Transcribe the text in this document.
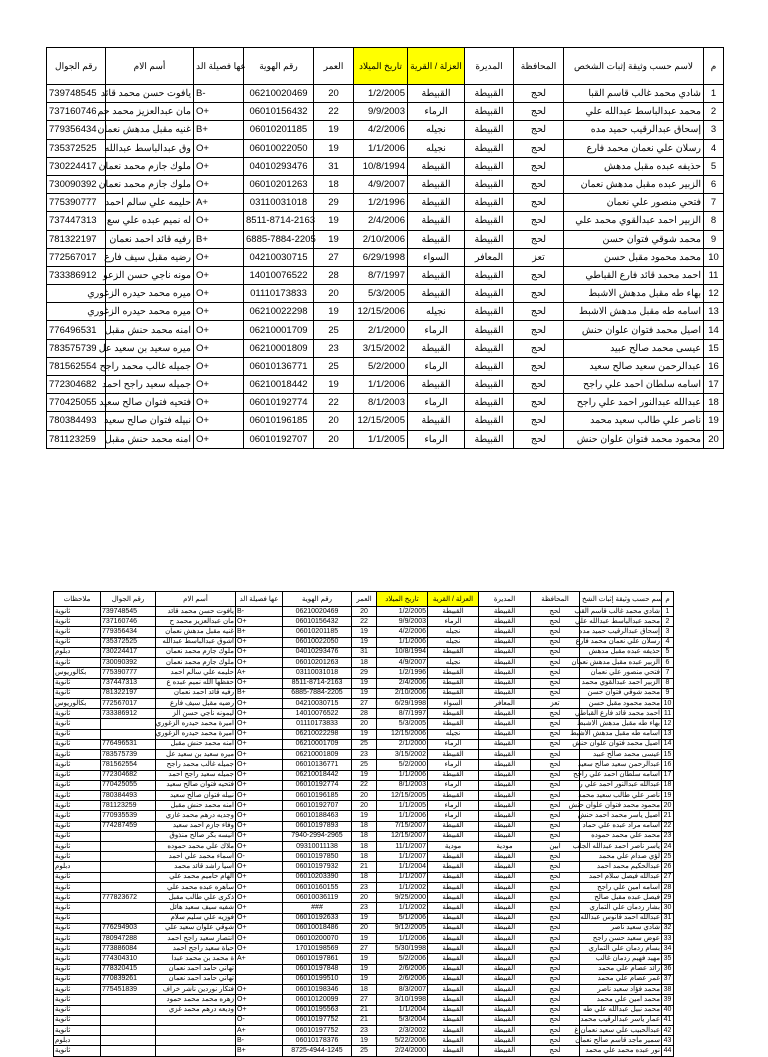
رقم الجوال	أسم الام	عها فصيلة الد	رقم الهوية	العمر	تاريخ الميلاد	العزلة / القرية	المديرة	المحافظة	لاسم حسب وثيقة إثبات الشخص	م
739748545	يافوت حسن محمد قائد	B-	06210020469	20	1/2/2005	القبيطة	القبيطة	لحج	شادي محمد غالب قاسم القبا	1
737160746	مان عبدالعزيز محمد حم	O+	06010156432	22	9/9/2003	الرماء	القبيطة	لحج	محمد عبدالباسط عبدالله علي	2
779356434	غنيه مقبل مدهش نعمان	B+	06010201185	19	4/2/2006	نجيله	القبيطة	لحج	إسحاق عبدالرقيب حميد مده	3
735372525	وق عبدالباسط عبدالله	O+	06010022050	19	1/1/2006	نجيله	القبيطة	لحج	رسلان علي نعمان محمد فارع	4
730224417	ملوك جازم محمد نعمان	O+	04010293476	31	10/8/1994	القبيطة	القبيطة	لحج	حذيفه عبده مقبل مدهش	5
730090392	ملوك جازم محمد نعمان	O+	06010201263	18	4/9/2007	القبيطة	القبيطة	لحج	الزبير عبده مقبل مدهش نعمان	6
775390777	حليمه علي سالم احمد	A+	03110031018	29	1/2/1996	القبيطة	القبيطة	لحج	فتحي منصور علي نعمان	7
737447313	له نميم عبده علي سع	O+	8511-8714-2163	19	2/4/2006	القبيطة	القبيطة	لحج	الزبير احمد عبدالقوي محمد علي	8
781322197	رفيه قائد احمد نعمان	B+	6885-7884-2205	19	2/10/2006	القبيطة	القبيطة	لحج	محمد شوقي فتوان حسن	9
772567017	رضيه مقبل سيف فارع	O+	04210030715	27	6/29/1998	السواء	المعافر	تعز	محمد محمود مقبل حسن	10
733386912	مونه ناجي حسن الزعو	O+	14010076522	28	8/7/1997	القبيطة	القبيطة	لحج	احمد محمد قائد فارع القباطي	11
	ميره محمد حيدره الزغوري	O+	01110173833	20	5/3/2005	القبيطة	القبيطة	لحج	بهاء طه مقبل مدهش الاشبط	12
	ميره محمد حيدره الزغوري	O+	06210022298	19	12/15/2006	نجيله	القبيطة	لحج	اسامه طه مقبل مدهش الاشبط	13
776496531	امنه محمد حنش مقبل	O+	06210001709	25	2/1/2000	الرماء	القبيطة	لحج	اصيل محمد فتوان علوان حنش	14
783575739	ميره سعيد بن سعيد عل	O+	06210001809	23	3/15/2002	القبيطة	القبيطة	لحج	عيسى محمد صالح عبيد	15
781562554	جميله غالب محمد راجح	O+	06010136771	25	5/2/2000	الرماء	القبيطة	لحج	عبدالرحمن سعيد صالح سعيد	16
772304682	جميله سعيد راجح احمد	O+	06210018442	19	1/1/2006	القبيطة	القبيطة	لحج	اسامه سلطان احمد علي راجح	17
770425055	فتحيه فتوان صالح سعيد	O+	06010192774	22	8/1/2003	الرماء	القبيطة	لحج	عبدالله عبدالنور احمد علي راجح	18
780384493	نبيله فتوان صالح سعيد	O+	06010196185	20	12/15/2005	القبيطة	القبيطة	لحج	ناصر علي طالب سعيد محمد	19
781123259	امنه محمد حنش مقبل	O+	06010192707	20	1/1/2005	الرماء	القبيطة	لحج	محمود محمد فتوان علوان حنش	20
ملاحظات	رقم الجوال	أسم الام	عها فصيلة الد	رقم الهوية	العمر	تاريخ الميلاد	العزلة / القرية	المديرة	المحافظة	سم حسب وثيقة إثبات الشخ	م
ثانوية	739748545	يافوت حسن محمد قائد	B-	06210020469	20	1/2/2005	القبيطة	القبيطة	لحج	شادي محمد غالب قاسم القب	1
ثانوية	737160746	مان عبدالعزيز محمد ح	O+	06010156432	22	9/9/2003	الرماء	القبيطة	لحج	محمد عبدالباسط عبدالله علي	2
ثانوية	779356434	غنيه مقبل مدهش نعمان	B+	06010201185	19	4/2/2006	نجيله	القبيطة	لحج	إسحاق عبدالرقيب حميد مده	3
ثانوية	735372525	اشوق عبدالباسط عبدالله	O+	06010022050	19	1/1/2006	نجيله	القبيطة	لحج	رسلان علي نعمان محمد فارع	4
دبلوم	730224417	ملوك جازم محمد نعمان	O+	04010293476	31	10/8/1994	القبيطة	القبيطة	لحج	حذيفه عبده مقبل مدهش	5
ثانوية	730090392	ملوك جازم محمد نعمان	O+	06010201263	18	4/9/2007	نجيله	القبيطة	لحج	الزبير عبده مقبل مدهش نعمان	6
بكالوريوس	775390777	حليمه علي سالم احمد	A+	03110031018	29	1/2/1996	القبيطة	القبيطة	لحج	فتحي منصور علي نعمان	7
ثانوية	737447313	حفظها الله نميم عبده ع	O+	8511-8714-2163	19	2/4/2006	القبيطة	القبيطة	لحج	الزبير احمد عبدالقوي محمد	8
ثانوية	781322197	رفيه قائد احمد نعمان	B+	6885-7884-2205	19	2/10/2006	القبيطة	القبيطة	لحج	محمد شوقي فتوان حسن	9
بكالوريوس	772567017	رضيه مقبل سيف فارع	O+	04210030715	27	6/29/1998	السواء	المعافر	تعز	محمد محمود مقبل حسن	10
ثانوية	733386912	ليمونه ناجي حسن الز	O+	14010076522	28	8/7/1997	القبيطة	القبيطة	لحج	احمد محمد قائد فارع القباطي	11
ثانوية		اميرة محمد حيدره الزغوري	O+	01110173833	20	5/3/2005	القبيطة	القبيطة	لحج	بهاء طه مقبل مدهش الاشبط	12
ثانوية		اميرة محمد حيدره الزغوري	O+	06210022298	19	12/15/2006	نجيله	القبيطة	لحج	اسامه طه مقبل مدهش الاشبط	13
ثانوية	776496531	امنه محمد حنش مقبل	O+	06210001709	25	2/1/2000	الرماء	القبيطة	لحج	اصيل محمد فتوان علوان حنش	14
ثانوية	783575739	ميره سعيد بن سعيد عل	O+	06210001809	23	3/15/2002	القبيطة	القبيطة	لحج	عيسى محمد صالح عبيد	15
ثانوية	781562554	جميله غالب محمد راجح	O+	06010136771	25	5/2/2000	الرماء	القبيطة	لحج	عبدالرحمن سعيد صالح سعيد	16
ثانوية	772304682	جميله سعيد راجح احمد	O+	06210018442	19	1/1/2006	القبيطة	القبيطة	لحج	اسامه سلطان احمد علي راجح	17
ثانوية	770425055	فتحيه فتوان صالح سعيد	O+	06010192774	22	8/1/2003	الرماء	القبيطة	لحج	عبدالله عبدالنور احمد علي ر	18
ثانوية	780384493	نبيله فتوان صالح سعيد	O+	06010196185	20	12/15/2005	القبيطة	القبيطة	لحج	ناصر علي طالب سعيد محمد	19
ثانوية	781123259	امنه محمد حنش مقبل	O+	06010192707	20	1/1/2005	الرماء	القبيطة	لحج	محمود محمد فتوان علوان حنش	20
ثانوية	770935539	وجديه درهم محمد غازي	O+	06010188463	19	1/1/2006	الرماء	القبيطة	لحج	اصيل ياسر محمد احمد حنش	21
ثانوية	774287459	وفاء جازم احمد سعيد	O+	06010197893	18	7/15/2007	القبيطة	القبيطة	لحج	اسامه مراد عبده علي حماد	22
ثانوية		انيسه بكر صالح منذوق	O+	7940-2994-2965	18	12/15/2007	القبيطة	القبيطة	لحج	محمد علي محمد حموده	23
ثانوية		ملاك علي محمد حموده	O+	09310011138	18	11/1/2007	مودية	مودية	ابين	ياسر ناصر احمد عبدالله الجلب	24
ثانوية		اسماء محمد علي احمد	O-	06010197850	18	1/1/2007	القبيطة	القبيطة	لحج	لؤي صدام علي محمد	25
دبلوم		اسيا راشد قائد محمد	O+	06010197932	21	1/1/2004	القبيطة	القبيطة	لحج	عبدالحكيم محمد احمد	26
ثانوية		الهام حاميم محمد علي	O+	06010203390	18	1/1/2007	القبيطة	القبيطة	لحج	عبدالله فيصل سلام احمد	27
ثانوية		ساهره عبده محمد علي	O+	06010160155	23	1/1/2002	القبيطة	القبيطة	لحج	اسامه امين علي راجح	28
ثانوية	777823672	ذكرى علي طالب مقبل	O+	06010036119	20	9/25/2000	القبيطة	القبيطة	لحج	فيصل عبده مقبل صالح	29
ثانوية		شفيه سيف سعيد هائل	O+	###	23	1/1/2002	القبيطة	القبيطة	لحج	بشار ردمان علي التماري	30
ثانوية		فوزيه علي سليم سلام	O+	06010192633	19	5/1/2006	القبيطة	القبيطة	لحج	عبدالله احمد قانوس عبدالله	31
ثانوية	776294903	شوقي علوان سعيد علي	O+	06010018486	20	9/12/2005	القبيطة	القبيطة	لحج	شادي سعيد ناصر	32
ثانوية	780947288	انتصار سعيد راجح احمد	O+	06010200070	19	1/1/2006	القبيطة	القبيطة	لحج	عوض سعيد حسن راجح	33
ثانوية	773886084	حياة سعيد راجح احمد	O+	17010198569	27	5/30/1998	القبيطة	القبيطة	لحج	بسام ردمان علي التماري	34
ثانوية	774304310	ة محمد بن محمد عبدا	A+	06010197861	19	5/2/2006	القبيطة	القبيطة	لحج	مهيد فهيم ردمان غالب	35
ثانوية	778320415	تهاني حامد احمد نعمان		06010197848	19	2/6/2006	القبيطة	القبيطة	لحج	رائد عصام علي محمد	36
ثانوية	770839261	تهاني حامد احمد نعمان		06010199510	19	2/6/2006	القبيطة	القبيطة	لحج	غمر عصام علي محمد	37
ثانوية	775451839	فتكار نوردين ناشر خراف	O+	06010198346	18	8/3/2007	القبيطة	القبيطة	لحج	محمد فؤاد سعيد ناصر	38
ثانوية		زهره محمد محمد حمود	O+	06010120099	27	3/10/1998	القبيطة	القبيطة	لحج	محمد امين علي محمد	39
ثانوية		وديعه درهم محمد غزي	O+	06010195563	21	1/1/2004	القبيطة	القبيطة	لحج	محمد نبيل عبدالله علي طه	40
ثانوية			O-	06010197752	21	5/3/2004	القبيطة	القبيطة	لحج	عمار ياسر عبدالرقيب محمد	41
ثانوية			A+	06010197752	23	2/3/2002	القبيطة	القبيطة	لحج	عبدالحبيب علي سعيد نعمان غ	42
دبلوم			B-	06010178376	19	5/22/2006	القبيطة	القبيطة	لحج	سمير ماجد قاسم صالح نعمان	43
ثانوية			B+	8725-4944-1245	25	2/24/2000	القبيطة	القبيطة	لحج	نور عبده محمد علي محمد	44
